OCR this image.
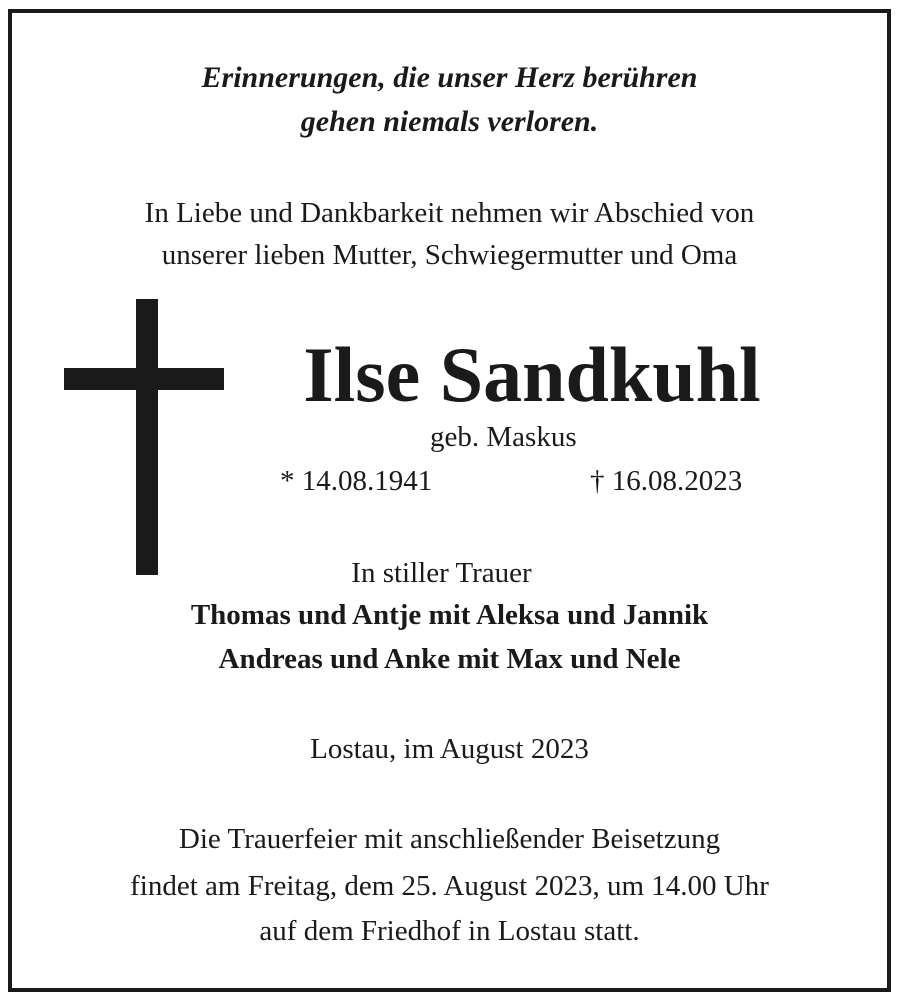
Erinnerungen, die unser Herz berühren
gehen niemals verloren.
In Liebe und Dankbarkeit nehmen wir Abschied von
unserer lieben Mutter, Schwiegermutter und Oma
Ilse Sandkuhl
geb. Maskus
* 14.08.1941	† 16.08.2023
In stiller Trauer
Thomas und Antje mit Aleksa und Jannik
Andreas und Anke mit Max und Nele
Lostau, im August 2023
Die Trauerfeier mit anschließender Beisetzung
findet am Freitag, dem 25. August 2023, um 14.00 Uhr
auf dem Friedhof in Lostau statt.
